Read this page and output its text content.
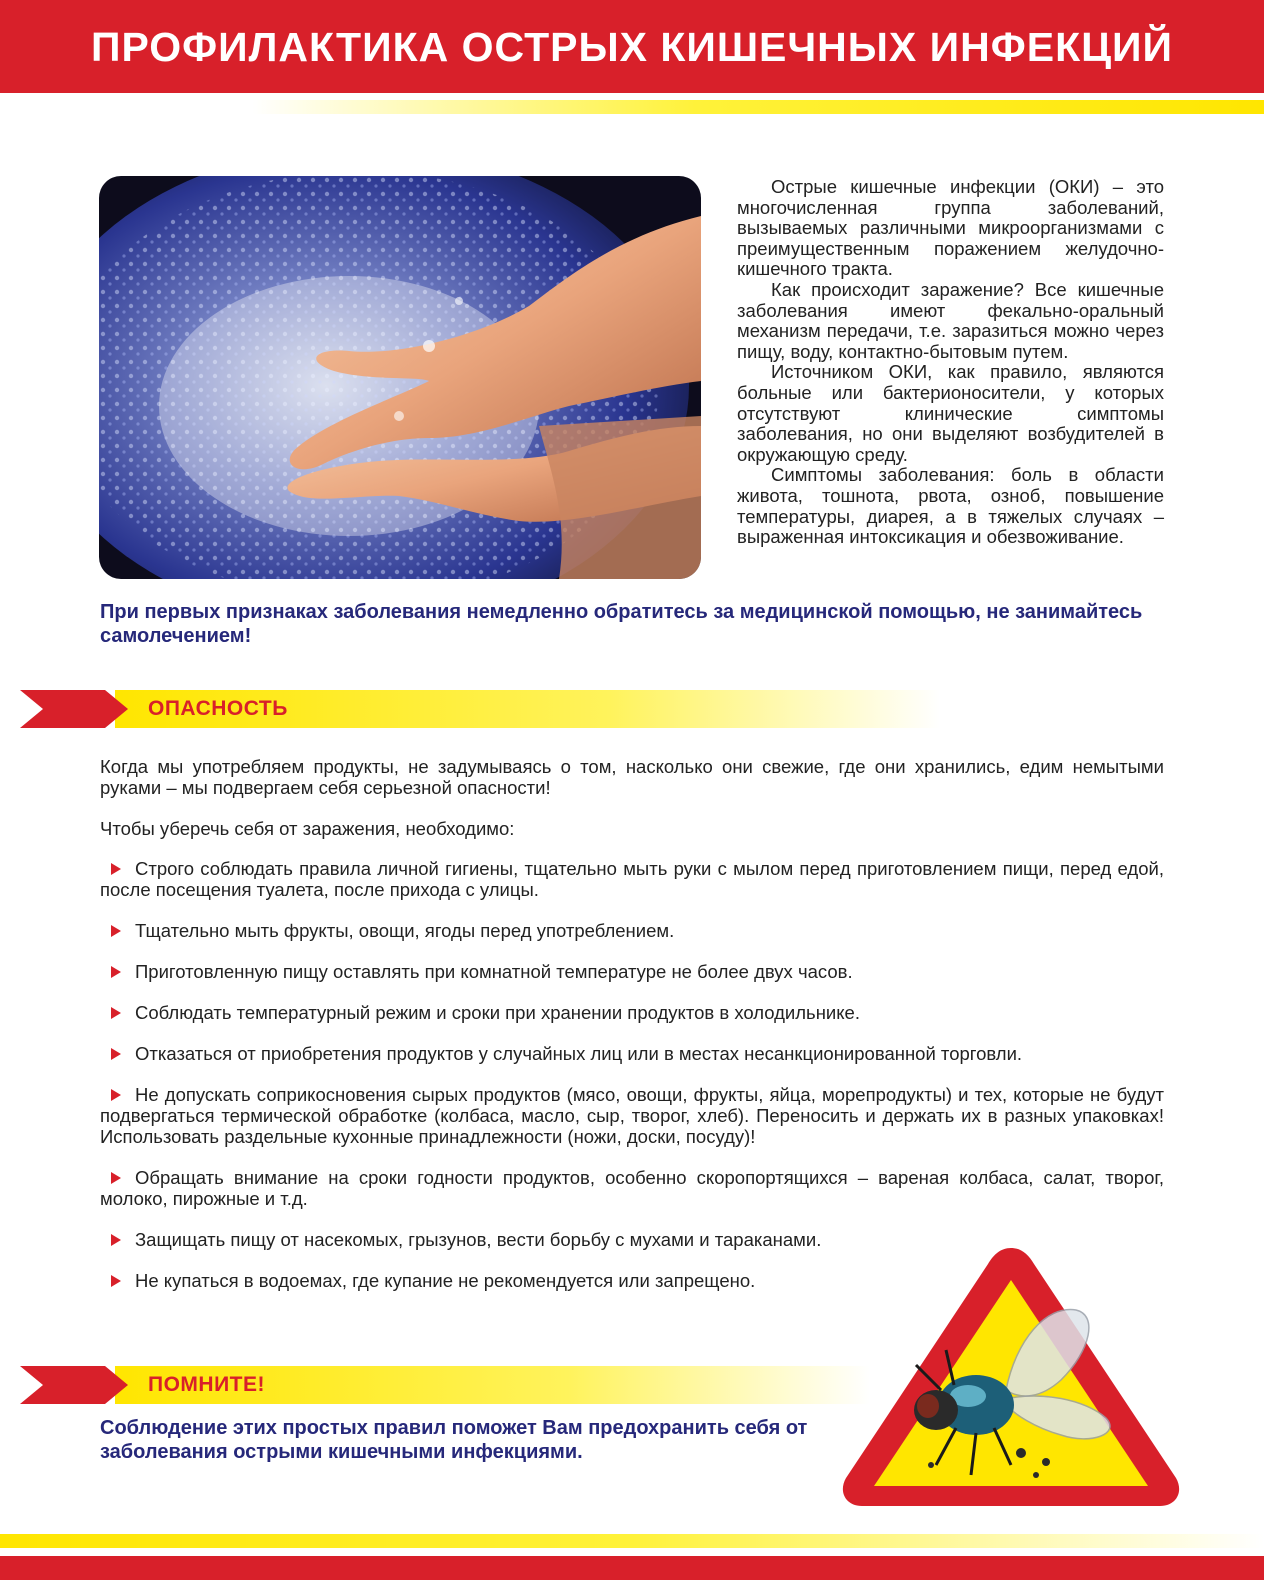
ПРОФИЛАКТИКА ОСТРЫХ КИШЕЧНЫХ ИНФЕКЦИЙ

Острые кишечные инфекции (ОКИ) – это многочисленная группа заболеваний, вызываемых различными микроорганизмами с преимущественным поражением желудочно-кишечного тракта.

Как происходит заражение? Все кишечные заболевания имеют фекально-оральный механизм передачи, т.е. заразиться можно через пищу, воду, контактно-бытовым путем.

Источником ОКИ, как правило, являются больные или бактерионосители, у которых отсутствуют клинические симптомы заболевания, но они выделяют возбудителей в окружающую среду.

Симптомы заболевания: боль в области живота, тошнота, рвота, озноб, повышение температуры, диарея, а в тяжелых случаях – выраженная интоксикация и обезвоживание.

При первых признаках заболевания немедленно обратитесь за медицинской помощью, не занимайтесь самолечением!
ОПАСНОСТЬ
Когда мы употребляем продукты, не задумываясь о том, насколько они свежие, где они хранились, едим немытыми руками – мы подвергаем себя серьезной опасности!
Чтобы уберечь себя от заражения, необходимо:
Строго соблюдать правила личной гигиены, тщательно мыть руки с мылом перед приготовлением пищи, перед едой, после посещения туалета, после прихода с улицы.
Тщательно мыть фрукты, овощи, ягоды перед употреблением.
Приготовленную пищу оставлять при комнатной температуре не более двух часов.
Соблюдать температурный режим и сроки при хранении продуктов в холодильнике.
Отказаться от приобретения продуктов у случайных лиц или в местах несанкционированной торговли.
Не допускать соприкосновения сырых продуктов (мясо, овощи, фрукты, яйца, морепродукты) и тех, которые не будут подвергаться термической обработке (колбаса, масло, сыр, творог, хлеб). Переносить и держать их в разных упаковках! Использовать раздельные кухонные принадлежности (ножи, доски, посуду)!
Обращать внимание на сроки годности продуктов, особенно скоропортящихся – вареная колбаса, салат, творог, молоко, пирожные и т.д.
Защищать пищу от насекомых, грызунов, вести борьбу с мухами и тараканами.
Не купаться в водоемах, где купание не рекомендуется или запрещено.
ПОМНИТЕ!
Соблюдение этих простых правил поможет Вам предохранить себя от заболевания острыми кишечными инфекциями.
